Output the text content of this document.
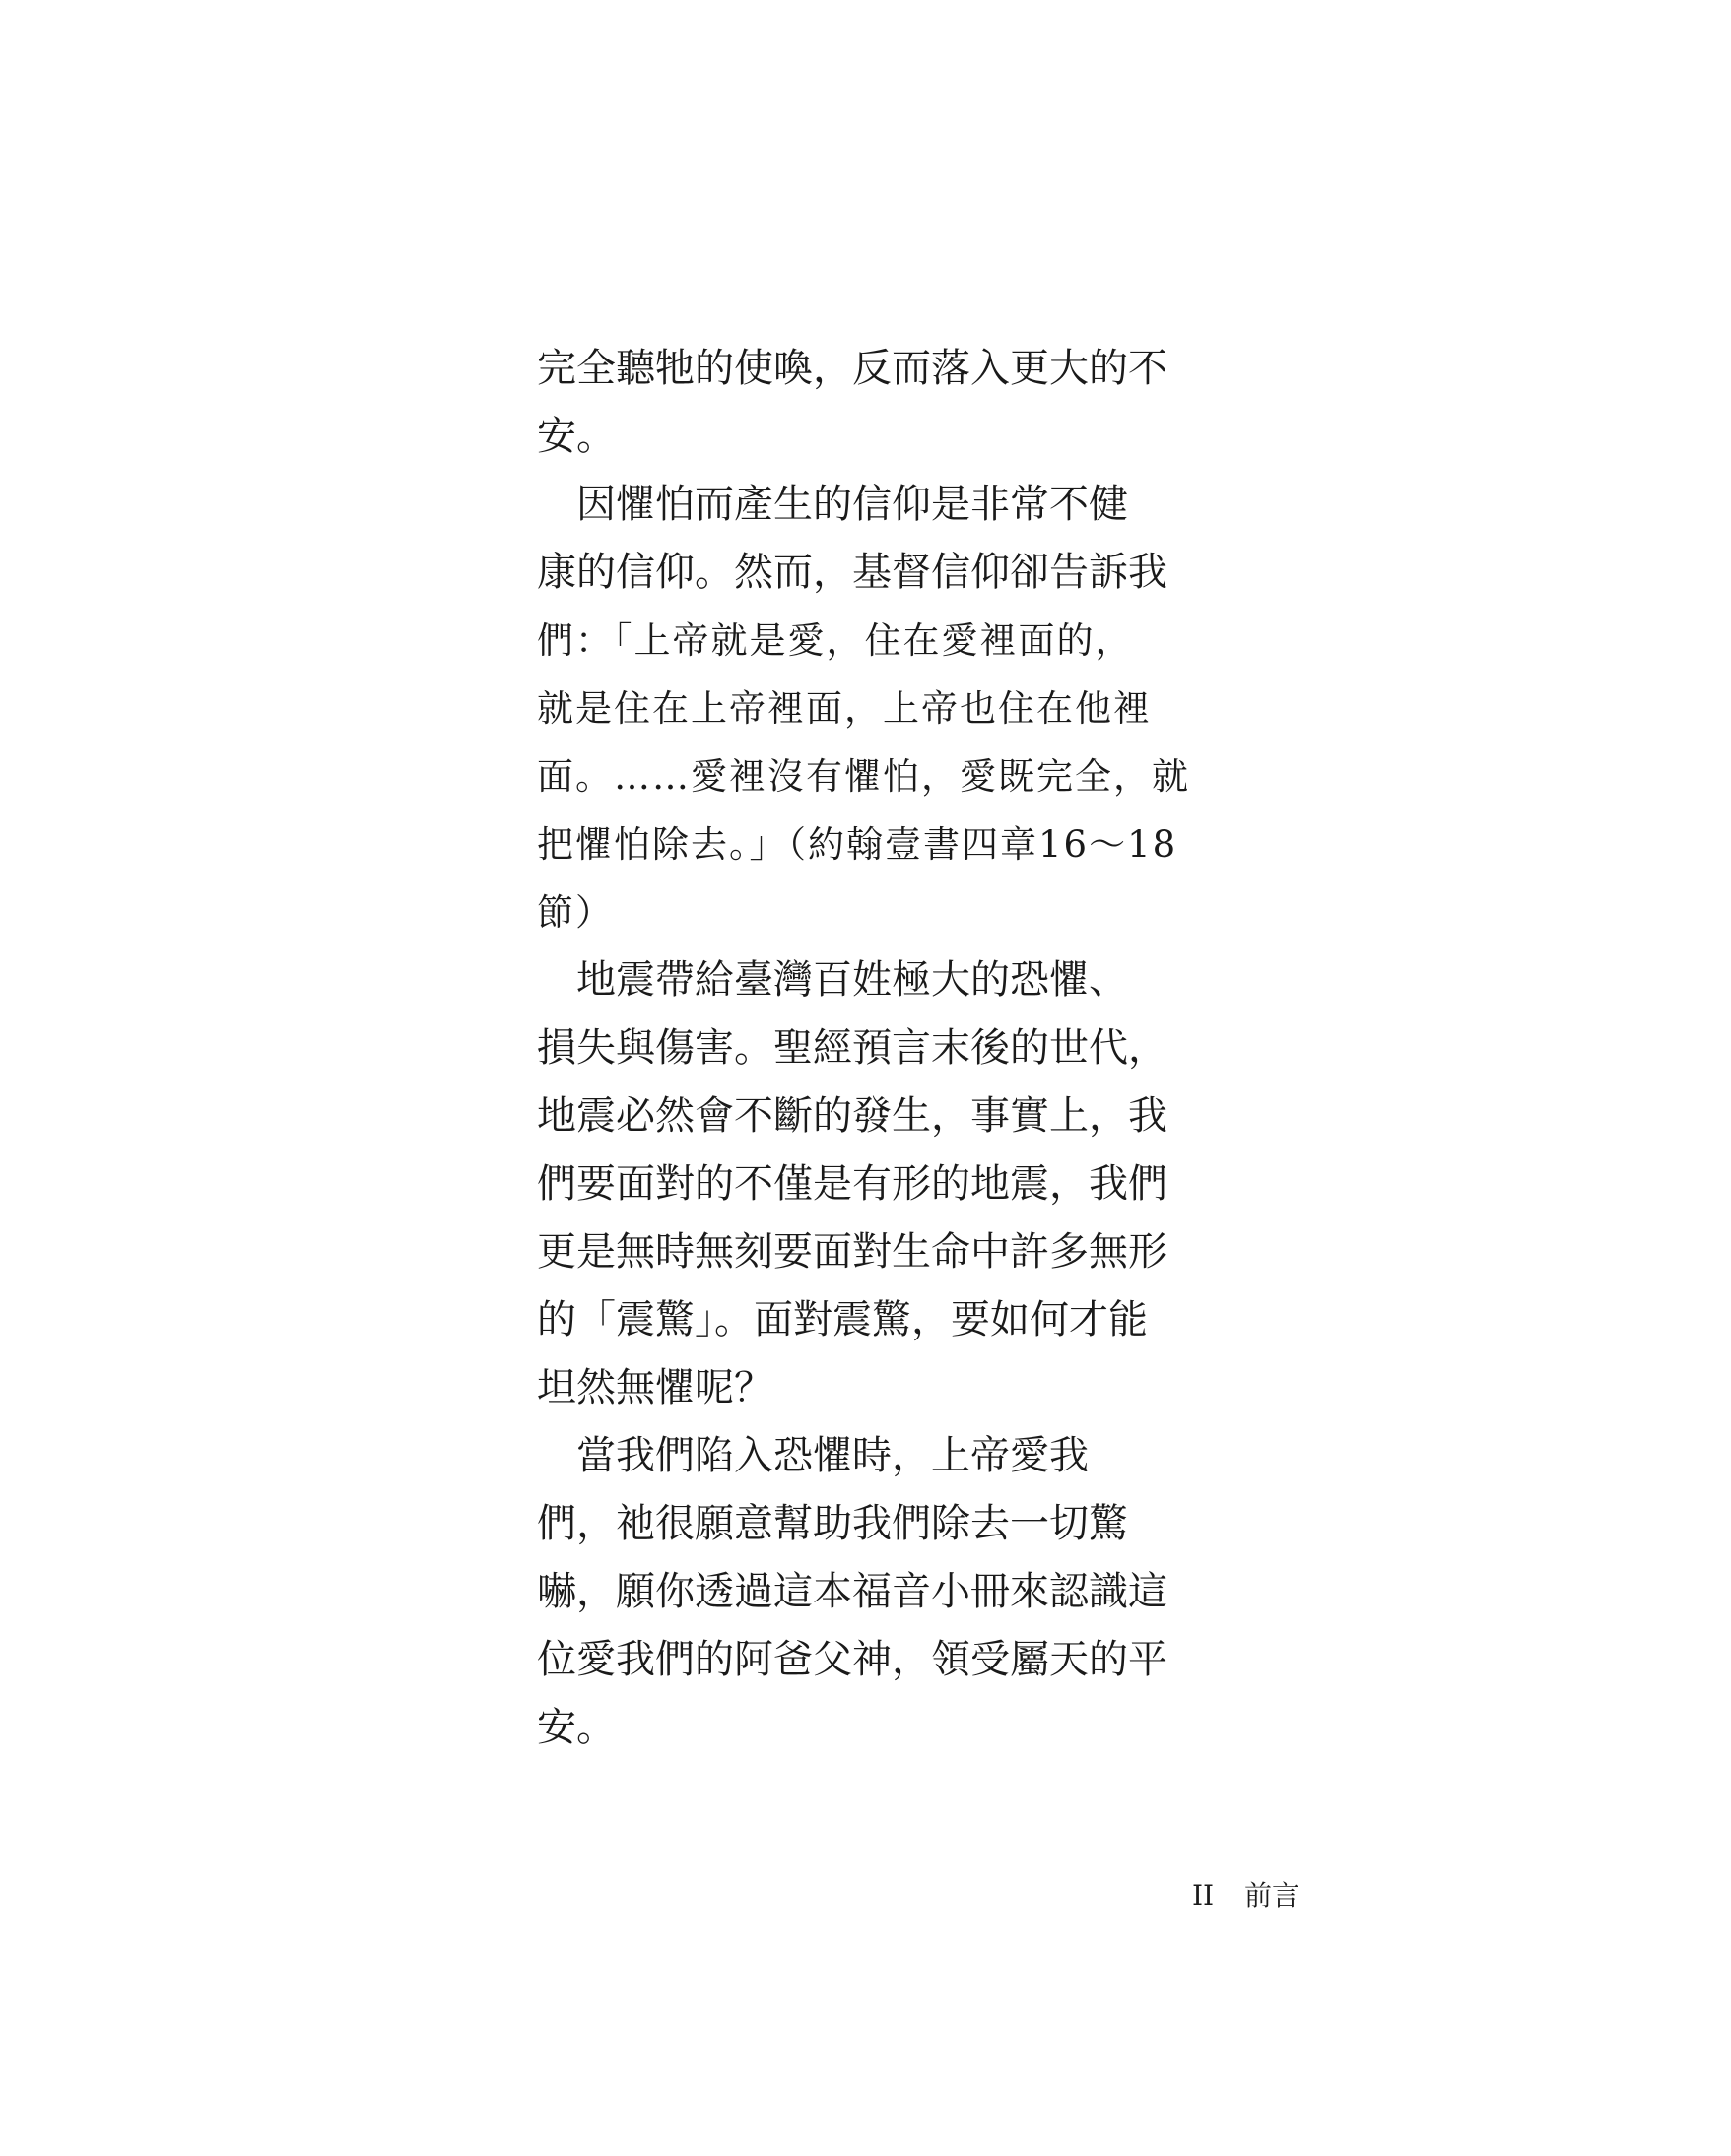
完全聽牠的使喚，反而落入更大的不
安。
　因懼怕而產生的信仰是非常不健
康的信仰。然而，基督信仰卻告訴我
們：「上帝就是愛，住在愛裡面的，
就是住在上帝裡面，上帝也住在他裡
面。……愛裡沒有懼怕，愛既完全，就
把懼怕除去。」（約翰壹書四章16～18
節）
　地震帶給臺灣百姓極大的恐懼、
損失與傷害。聖經預言末後的世代，
地震必然會不斷的發生，事實上，我
們要面對的不僅是有形的地震，我們
更是無時無刻要面對生命中許多無形
的「震驚」。面對震驚，要如何才能
坦然無懼呢？
　當我們陷入恐懼時，上帝愛我
們，祂很願意幫助我們除去一切驚
嚇，願你透過這本福音小冊來認識這
位愛我們的阿爸父神，領受屬天的平
安。
II 前言
